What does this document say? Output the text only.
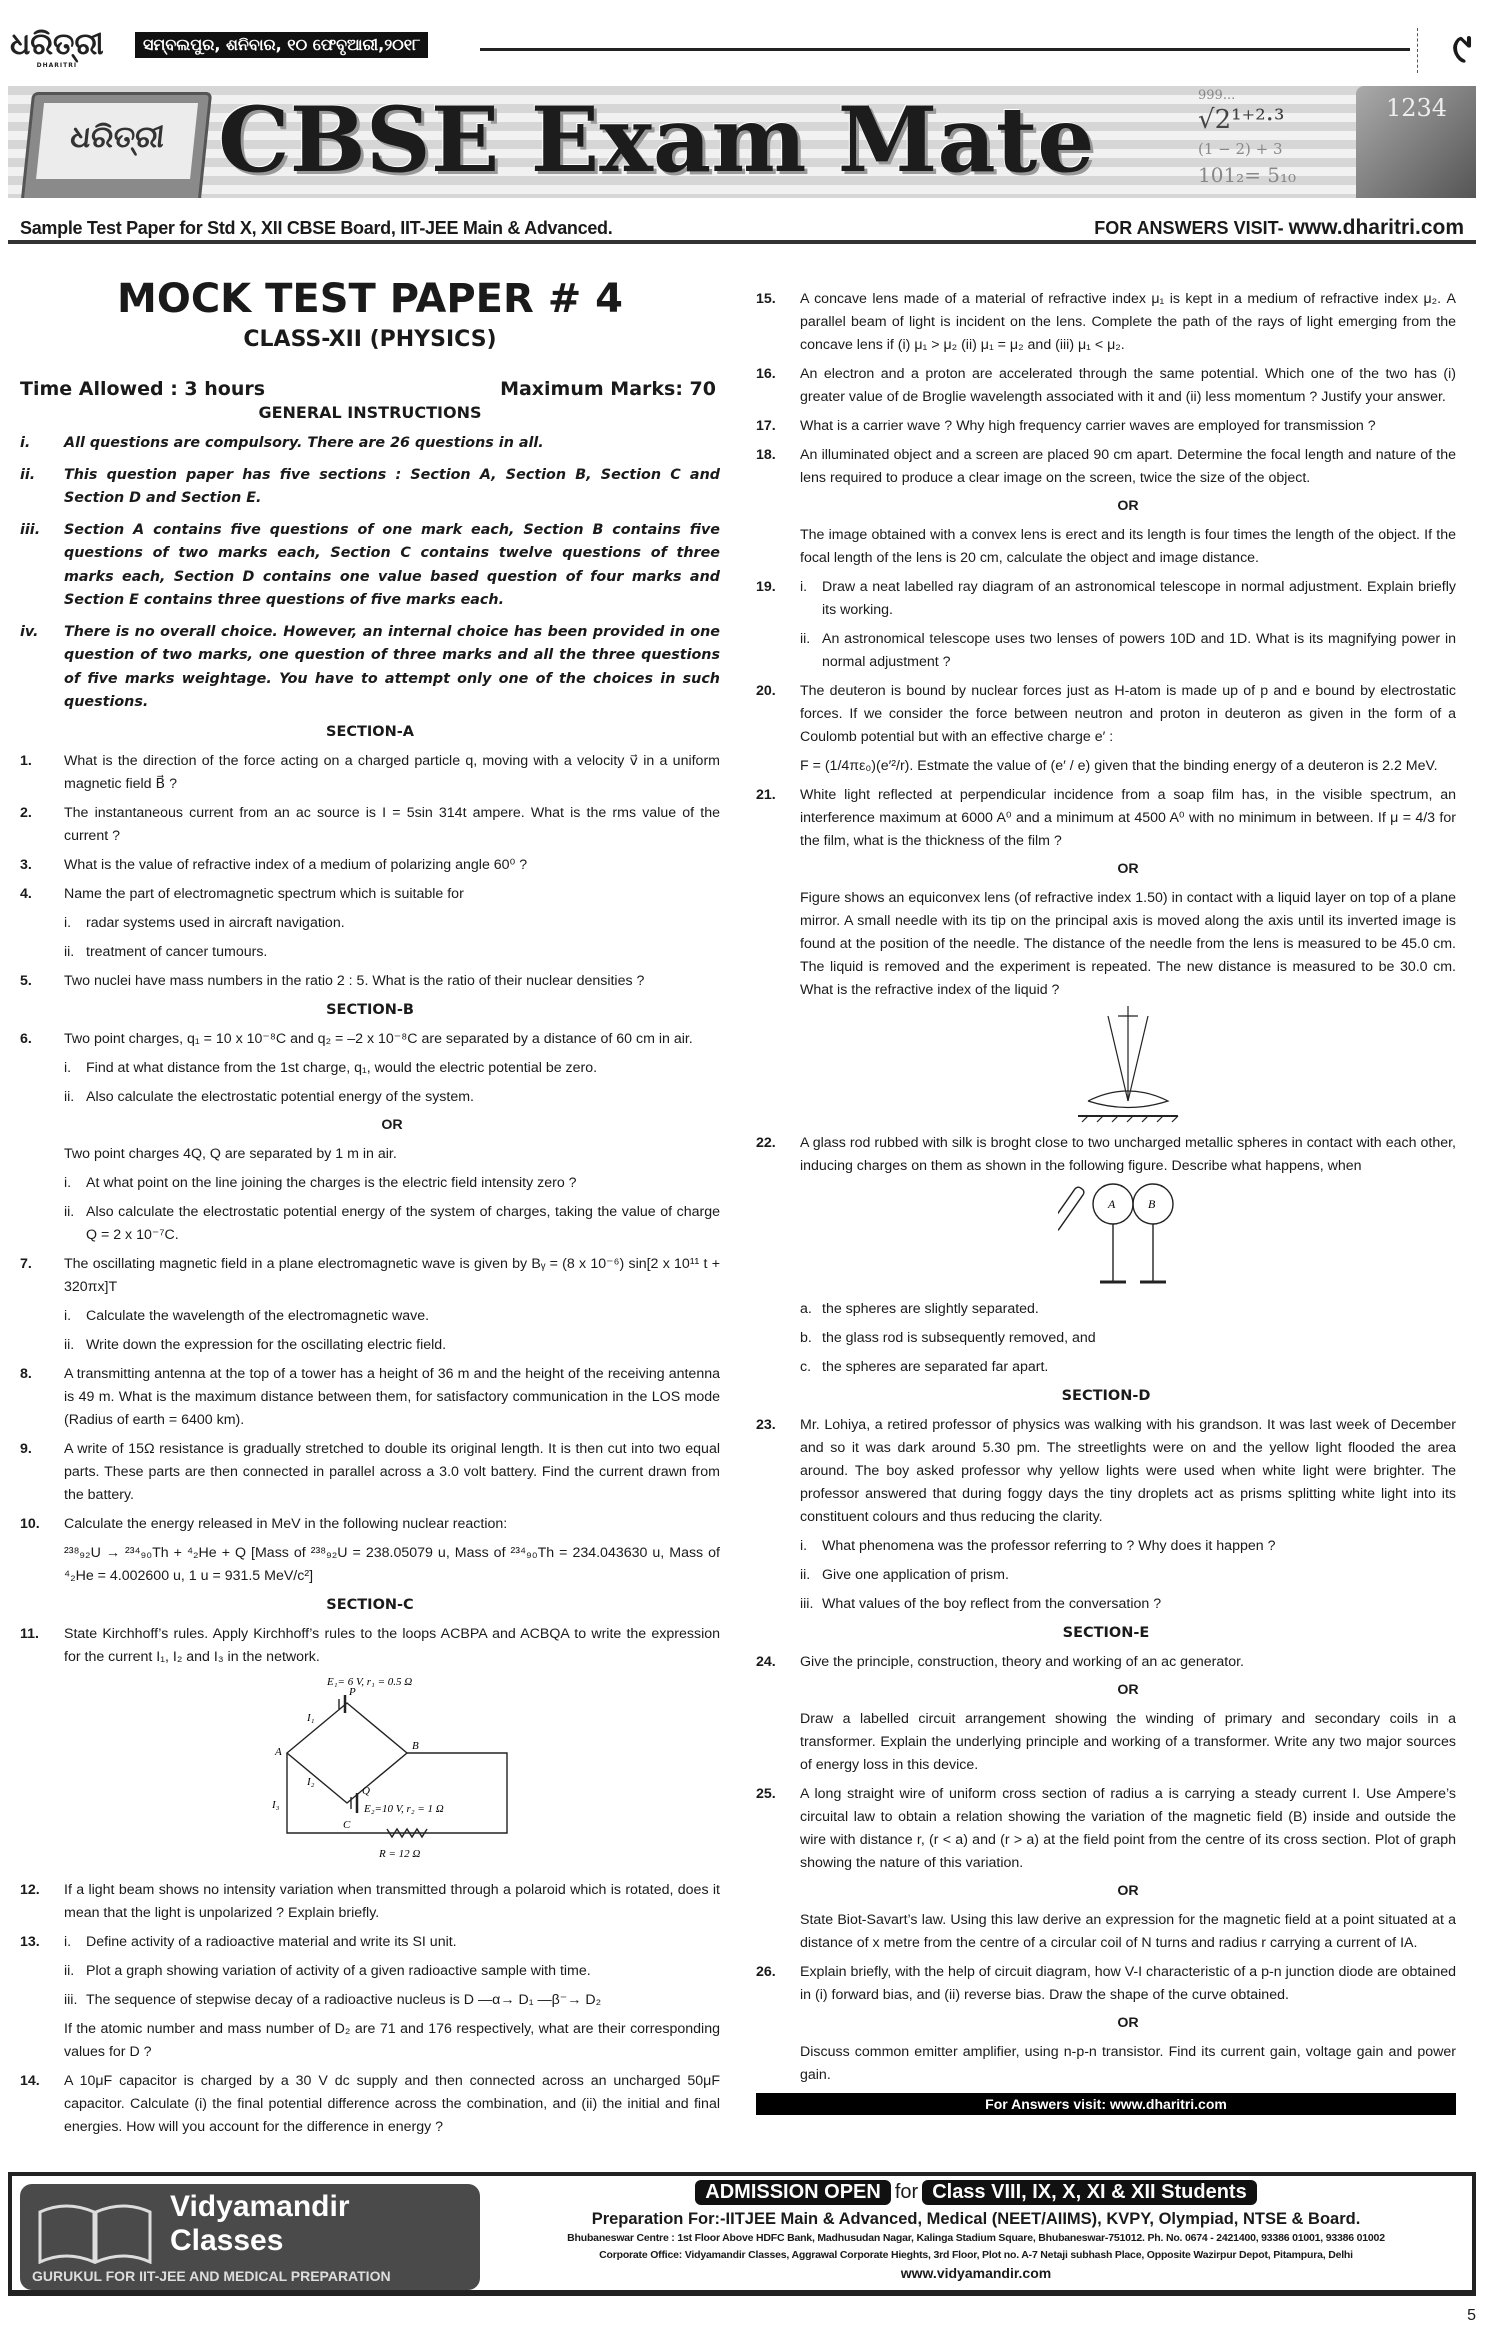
ଧରିତ୍ରୀ
DHARITRI
ସମ୍ବଲପୁର, ଶନିବାର, ୧୦ ଫେବୃଆରୀ,୨୦୧୮	୯
ଧରିତ୍ରୀ CBSE Exam Mate	999...
√2¹⁺²·³
(1 − 2) + 3
101₂= 5₁₀
1234
Sample Test Paper for Std X, XII CBSE Board, IIT-JEE Main & Advanced.	FOR ANSWERS VISIT- www.dharitri.com
MOCK TEST PAPER # 4
CLASS-XII (PHYSICS)
Time Allowed : 3 hours	Maximum Marks: 70
GENERAL INSTRUCTIONS
i.	All questions are compulsory. There are 26 questions in all.
ii.	This question paper has five sections : Section A, Section B, Section C and Section D and Section E.
iii.	Section A contains five questions of one mark each, Section B contains five questions of two marks each, Section C contains twelve questions of three marks each, Section D contains one value based question of four marks and Section E contains three questions of five marks each.
iv.	There is no overall choice. However, an internal choice has been provided in one question of two marks, one question of three marks and all the three questions of five marks weightage. You have to attempt only one of the choices in such questions.
SECTION-A
1.	What is the direction of the force acting on a charged particle q, moving with a velocity v⃗ in a uniform magnetic field B⃗ ?
2.	The instantaneous current from an ac source is I = 5sin 314t ampere. What is the rms value of the current ?
3.	What is the value of refractive index of a medium of polarizing angle 60⁰ ?
4.	Name the part of electromagnetic spectrum which is suitable for
i.	radar systems used in aircraft navigation.
ii. treatment of cancer tumours.
5.	Two nuclei have mass numbers in the ratio 2 : 5. What is the ratio of their nuclear densities ?
SECTION-B
6.	Two point charges, q₁ = 10 x 10⁻⁸C and q₂ = –2 x 10⁻⁸C are separated by a distance of 60 cm in air.
i.	Find at what distance from the 1st charge, q₁, would the electric potential be zero.
ii. Also calculate the electrostatic potential energy of the system.
OR
Two point charges 4Q, Q are separated by 1 m in air.
i.	At what point on the line joining the charges is the electric field intensity zero ?
ii. Also calculate the electrostatic potential energy of the system of charges, taking the value of charge Q = 2 x 10⁻⁷C.
7.	The oscillating magnetic field in a plane electromagnetic wave is given by Bᵧ = (8 x 10⁻⁶) sin[2 x 10¹¹ t + 320πx]T
i.	Calculate the wavelength of the electromagnetic wave.
ii. Write down the expression for the oscillating electric field.
8.	A transmitting antenna at the top of a tower has a height of 36 m and the height of the receiving antenna is 49 m. What is the maximum distance between them, for satisfactory communication in the LOS mode (Radius of earth = 6400 km).
9.	A write of 15Ω resistance is gradually stretched to double its original length. It is then cut into two equal parts. These parts are then connected in parallel across a 3.0 volt battery. Find the current drawn from the battery.
10.	Calculate the energy released in MeV in the following nuclear reaction:
²³⁸₉₂U → ²³⁴₉₀Th + ⁴₂He + Q [Mass of ²³⁸₉₂U = 238.05079 u, Mass of ²³⁴₉₀Th = 234.043630 u, Mass of ⁴₂He = 4.002600 u, 1 u = 931.5 MeV/c²]
SECTION-C
11.	State Kirchhoff’s rules. Apply Kirchhoff’s rules to the loops ACBPA and ACBQA to write the expression for the current I₁, I₂ and I₃ in the network.
E₁= 6 V, r₁ = 0.5 Ω
P
A	B
Q
E₂=10 V, r₂ = 1 Ω
C
I₁
I₂
I₃
R = 12 Ω
12.	If a light beam shows no intensity variation when transmitted through a polaroid which is rotated, does it mean that the light is unpolarized ? Explain briefly.
13.	i.	Define activity of a radioactive material and write its SI unit.
ii. Plot a graph showing variation of activity of a given radioactive sample with time.
iii. The sequence of stepwise decay of a radioactive nucleus is D —α→ D₁ —β⁻→ D₂
If the atomic number and mass number of D₂ are 71 and 176 respectively, what are their corresponding values for D ?
14.	A 10μF capacitor is charged by a 30 V dc supply and then connected across an uncharged 50μF capacitor. Calculate (i) the final potential difference across the combination, and (ii) the initial and final energies. How will you account for the difference in energy ?
15.	A concave lens made of a material of refractive index μ₁ is kept in a medium of refractive index μ₂. A parallel beam of light is incident on the lens. Complete the path of the rays of light emerging from the concave lens if (i) μ₁ > μ₂ (ii) μ₁ = μ₂ and (iii) μ₁ < μ₂.
16.	An electron and a proton are accelerated through the same potential. Which one of the two has (i) greater value of de Broglie wavelength associated with it and (ii) less momentum ? Justify your answer.
17.	What is a carrier wave ? Why high frequency carrier waves are employed for transmission ?
18.	An illuminated object and a screen are placed 90 cm apart. Determine the focal length and nature of the lens required to produce a clear image on the screen, twice the size of the object.
OR
The image obtained with a convex lens is erect and its length is four times the length of the object. If the focal length of the lens is 20 cm, calculate the object and image distance.
19.	i.	Draw a neat labelled ray diagram of an astronomical telescope in normal adjustment. Explain briefly its working.
ii. An astronomical telescope uses two lenses of powers 10D and 1D. What is its magnifying power in normal adjustment ?
20.	The deuteron is bound by nuclear forces just as H-atom is made up of p and e bound by electrostatic forces. If we consider the force between neutron and proton in deuteron as given in the form of a Coulomb potential but with an effective charge e′ :
F = (1/4πε₀)(e′²/r). Estmate the value of (e′ / e) given that the binding energy of a deuteron is 2.2 MeV.
21.	White light reflected at perpendicular incidence from a soap film has, in the visible spectrum, an interference maximum at 6000 A⁰ and a minimum at 4500 A⁰ with no minimum in between. If μ = 4/3 for the film, what is the thickness of the film ?
OR
Figure shows an equiconvex lens (of refractive index 1.50) in contact with a liquid layer on top of a plane mirror. A small needle with its tip on the principal axis is moved along the axis until its inverted image is found at the position of the needle. The distance of the needle from the lens is measured to be 45.0 cm. The liquid is removed and the experiment is repeated. The new distance is measured to be 30.0 cm. What is the refractive index of the liquid ?
22.	A glass rod rubbed with silk is broght close to two uncharged metallic spheres in contact with each other, inducing charges on them as shown in the following figure. Describe what happens, when
A	B
a. the spheres are slightly separated.
b. the glass rod is subsequently removed, and
c. the spheres are separated far apart.
SECTION-D
23.	Mr. Lohiya, a retired professor of physics was walking with his grandson. It was last week of December and so it was dark around 5.30 pm. The streetlights were on and the yellow light flooded the area around. The boy asked professor why yellow lights were used when white light were brighter. The professor answered that during foggy days the tiny droplets act as prisms splitting white light into its constituent colours and thus reducing the clarity.
i.	What phenomena was the professor referring to ? Why does it happen ?
ii. Give one application of prism.
iii. What values of the boy reflect from the conversation ?
SECTION-E
24.	Give the principle, construction, theory and working of an ac generator.
OR
Draw a labelled circuit arrangement showing the winding of primary and secondary coils in a transformer. Explain the underlying principle and working of a transformer. Write any two major sources of energy loss in this device.
25.	A long straight wire of uniform cross section of radius a is carrying a steady current I. Use Ampere’s circuital law to obtain a relation showing the variation of the magnetic field (B) inside and outside the wire with distance r, (r < a) and (r > a) at the field point from the centre of its cross section. Plot of graph showing the nature of this variation.
OR
State Biot-Savart’s law. Using this law derive an expression for the magnetic field at a point situated at a distance of x metre from the centre of a circular coil of N turns and radius r carrying a current of IA.
26.	Explain briefly, with the help of circuit diagram, how V-I characteristic of a p-n junction diode are obtained in (i) forward bias, and (ii) reverse bias. Draw the shape of the curve obtained.
OR
Discuss common emitter amplifier, using n-p-n transistor. Find its current gain, voltage gain and power gain.
For Answers visit: www.dharitri.com
Vidyamandir
Classes
GURUKUL FOR IIT-JEE AND MEDICAL PREPARATION
ADMISSION OPEN for Class VIII, IX, X, XI & XII Students
Preparation For:-IITJEE Main & Advanced, Medical (NEET/AIIMS), KVPY, Olympiad, NTSE & Board.
Bhubaneswar Centre : 1st Floor Above HDFC Bank, Madhusudan Nagar, Kalinga Stadium Square, Bhubaneswar-751012. Ph. No. 0674 - 2421400, 93386 01001, 93386 01002
Corporate Office: Vidyamandir Classes, Aggrawal Corporate Hieghts, 3rd Floor, Plot no. A-7 Netaji subhash Place, Opposite Wazirpur Depot, Pitampura, Delhi
www.vidyamandir.com
5
